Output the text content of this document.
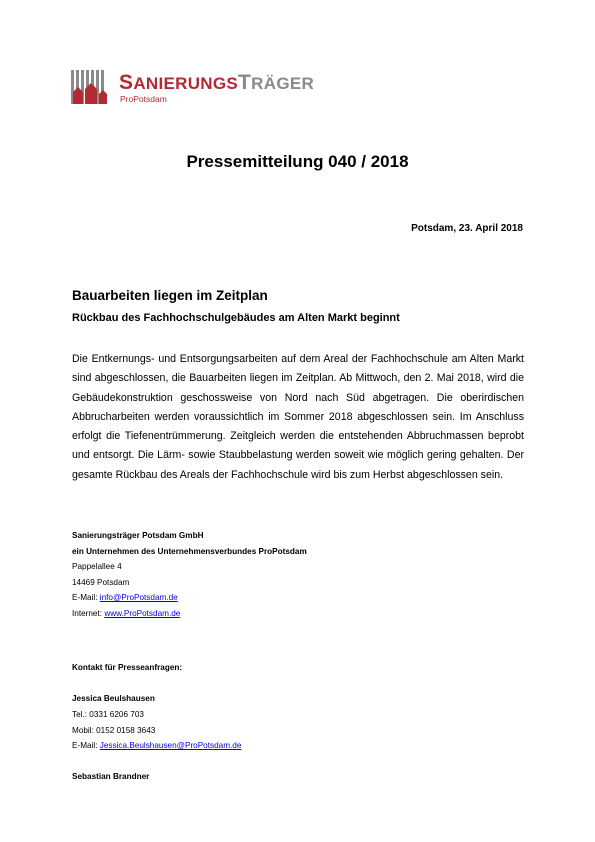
SANIERUNGSTRÄGER
ProPotsdam
Pressemitteilung 040 / 2018
Potsdam, 23. April 2018
Bauarbeiten liegen im Zeitplan
Rückbau des Fachhochschulgebäudes am Alten Markt beginnt

Die Entkernungs- und Entsorgungsarbeiten auf dem Areal der Fachhochschule am Alten Markt sind abgeschlossen, die Bauarbeiten liegen im Zeitplan. Ab Mittwoch, den 2. Mai 2018, wird die Gebäudekonstruktion geschossweise von Nord nach Süd abgetragen. Die oberirdischen Abbrucharbeiten werden voraussichtlich im Sommer 2018 abgeschlossen sein. Im Anschluss erfolgt die Tiefenentrümmerung. Zeitgleich werden die entstehenden Abbruchmassen beprobt und entsorgt. Die Lärm- sowie Staubbelastung werden soweit wie möglich gering gehalten. Der gesamte Rückbau des Areals der Fachhochschule wird bis zum Herbst abgeschlossen sein.

Sanierungsträger Potsdam GmbH
ein Unternehmen des Unternehmensverbundes ProPotsdam
Pappelallee 4
14469 Potsdam
E-Mail: info@ProPotsdam.de
Internet: www.ProPotsdam.de
Kontakt für Presseanfragen:
Jessica Beulshausen
Tel.: 0331 6206 703
Mobil: 0152 0158 3643
E-Mail: Jessica.Beulshausen@ProPotsdam.de
Sebastian Brandner
